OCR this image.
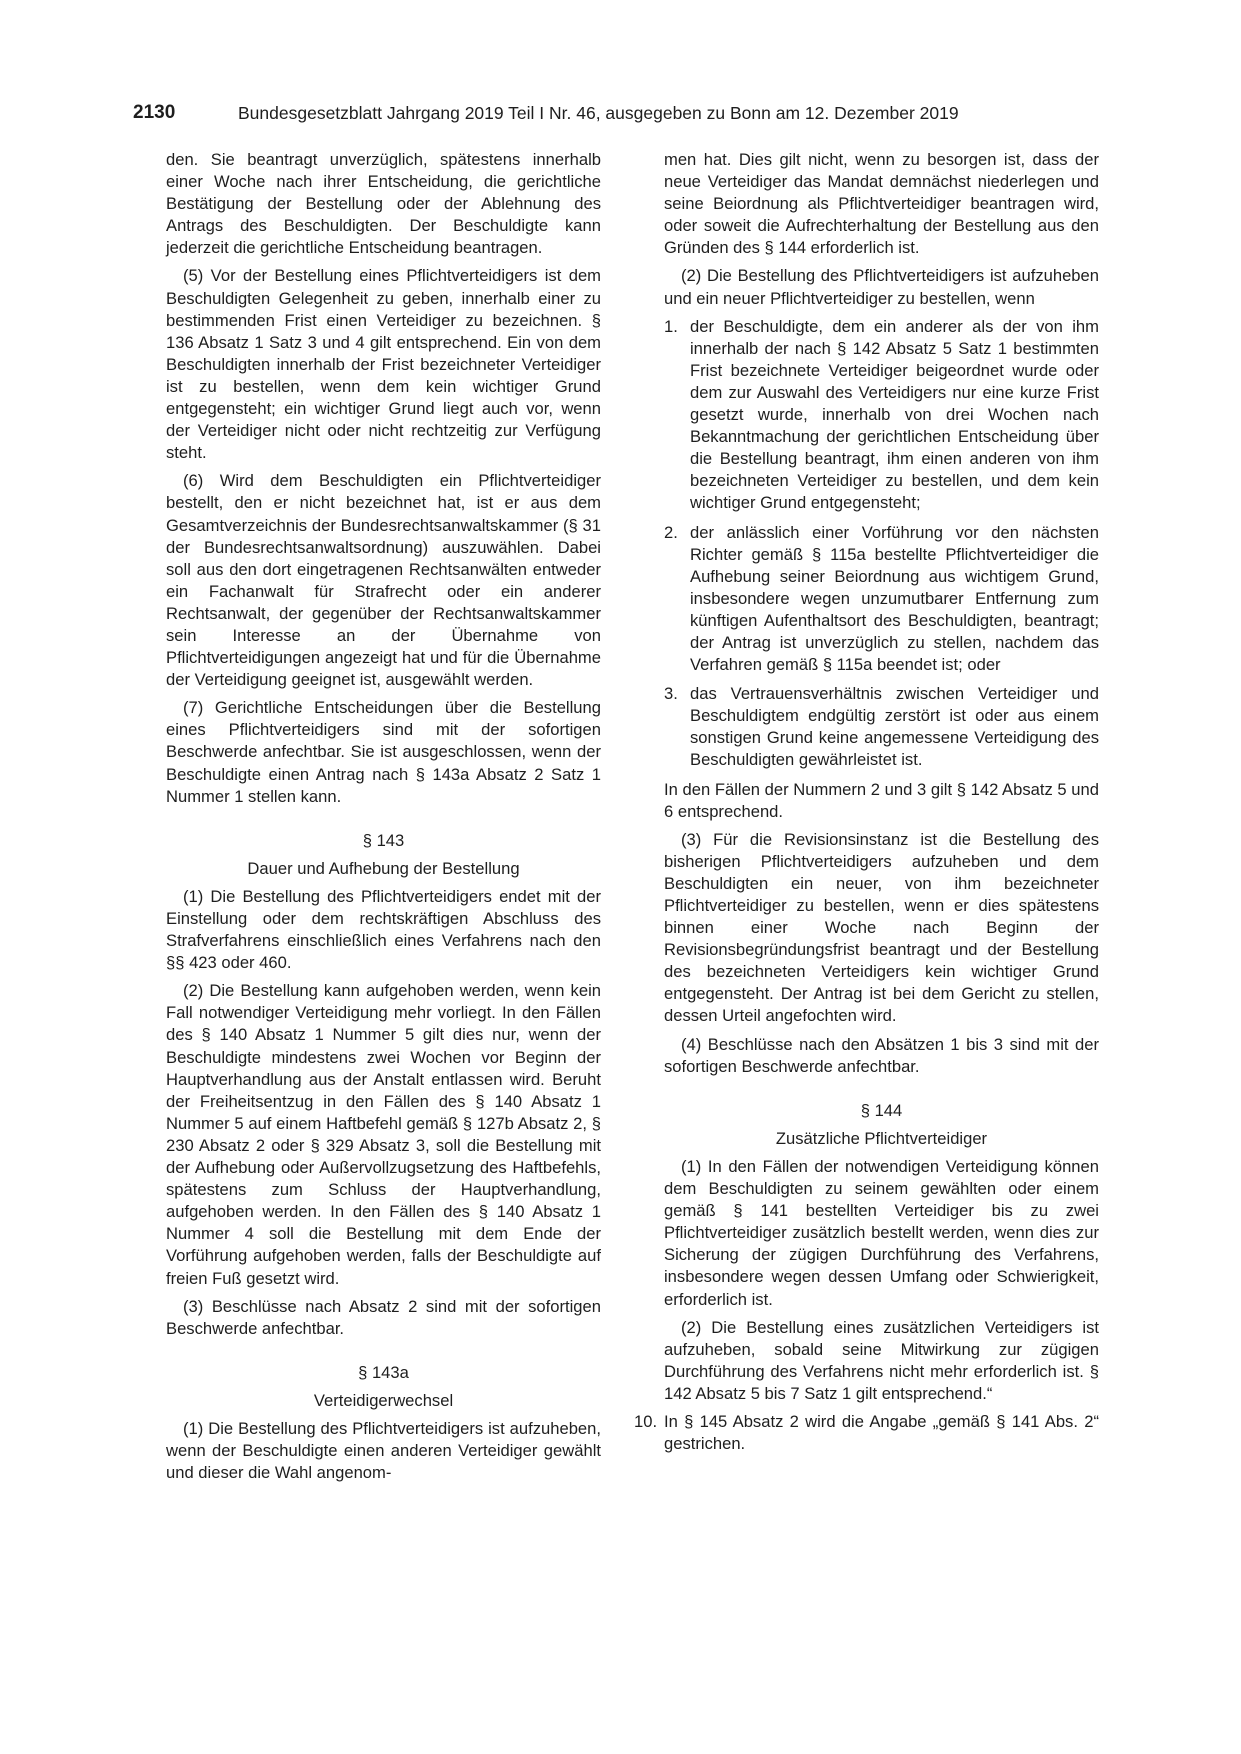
2130	Bundesgesetzblatt Jahrgang 2019 Teil I Nr. 46, ausgegeben zu Bonn am 12. Dezember 2019

den. Sie beantragt unverzüglich, spätestens innerhalb einer Woche nach ihrer Entscheidung, die gerichtliche Bestätigung der Bestellung oder der Ablehnung des Antrags des Beschuldigten. Der Beschuldigte kann jederzeit die gerichtliche Entscheidung beantragen.

(5) Vor der Bestellung eines Pflichtverteidigers ist dem Beschuldigten Gelegenheit zu geben, innerhalb einer zu bestimmenden Frist einen Verteidiger zu bezeichnen. § 136 Absatz 1 Satz 3 und 4 gilt entsprechend. Ein von dem Beschuldigten innerhalb der Frist bezeichneter Verteidiger ist zu bestellen, wenn dem kein wichtiger Grund entgegensteht; ein wichtiger Grund liegt auch vor, wenn der Verteidiger nicht oder nicht rechtzeitig zur Verfügung steht.

(6) Wird dem Beschuldigten ein Pflichtverteidiger bestellt, den er nicht bezeichnet hat, ist er aus dem Gesamtverzeichnis der Bundesrechtsanwaltskammer (§ 31 der Bundesrechtsanwaltsordnung) auszuwählen. Dabei soll aus den dort eingetragenen Rechtsanwälten entweder ein Fachanwalt für Strafrecht oder ein anderer Rechtsanwalt, der gegenüber der Rechtsanwaltskammer sein Interesse an der Übernahme von Pflichtverteidigungen angezeigt hat und für die Übernahme der Verteidigung geeignet ist, ausgewählt werden.

(7) Gerichtliche Entscheidungen über die Bestellung eines Pflichtverteidigers sind mit der sofortigen Beschwerde anfechtbar. Sie ist ausgeschlossen, wenn der Beschuldigte einen Antrag nach § 143a Absatz 2 Satz 1 Nummer 1 stellen kann.

§ 143
Dauer und Aufhebung der Bestellung

(1) Die Bestellung des Pflichtverteidigers endet mit der Einstellung oder dem rechtskräftigen Abschluss des Strafverfahrens einschließlich eines Verfahrens nach den §§ 423 oder 460.

(2) Die Bestellung kann aufgehoben werden, wenn kein Fall notwendiger Verteidigung mehr vorliegt. In den Fällen des § 140 Absatz 1 Nummer 5 gilt dies nur, wenn der Beschuldigte mindestens zwei Wochen vor Beginn der Hauptverhandlung aus der Anstalt entlassen wird. Beruht der Freiheitsentzug in den Fällen des § 140 Absatz 1 Nummer 5 auf einem Haftbefehl gemäß § 127b Absatz 2, § 230 Absatz 2 oder § 329 Absatz 3, soll die Bestellung mit der Aufhebung oder Außervollzugsetzung des Haftbefehls, spätestens zum Schluss der Hauptverhandlung, aufgehoben werden. In den Fällen des § 140 Absatz 1 Nummer 4 soll die Bestellung mit dem Ende der Vorführung aufgehoben werden, falls der Beschuldigte auf freien Fuß gesetzt wird.

(3) Beschlüsse nach Absatz 2 sind mit der sofortigen Beschwerde anfechtbar.

§ 143a
Verteidigerwechsel

(1) Die Bestellung des Pflichtverteidigers ist aufzuheben, wenn der Beschuldigte einen anderen Verteidiger gewählt und dieser die Wahl angenom-

men hat. Dies gilt nicht, wenn zu besorgen ist, dass der neue Verteidiger das Mandat demnächst niederlegen und seine Beiordnung als Pflichtverteidiger beantragen wird, oder soweit die Aufrechterhaltung der Bestellung aus den Gründen des § 144 erforderlich ist.

(2) Die Bestellung des Pflichtverteidigers ist aufzuheben und ein neuer Pflichtverteidiger zu bestellen, wenn

1. der Beschuldigte, dem ein anderer als der von ihm innerhalb der nach § 142 Absatz 5 Satz 1 bestimmten Frist bezeichnete Verteidiger beigeordnet wurde oder dem zur Auswahl des Verteidigers nur eine kurze Frist gesetzt wurde, innerhalb von drei Wochen nach Bekanntmachung der gerichtlichen Entscheidung über die Bestellung beantragt, ihm einen anderen von ihm bezeichneten Verteidiger zu bestellen, und dem kein wichtiger Grund entgegensteht;
2. der anlässlich einer Vorführung vor den nächsten Richter gemäß § 115a bestellte Pflichtverteidiger die Aufhebung seiner Beiordnung aus wichtigem Grund, insbesondere wegen unzumutbarer Entfernung zum künftigen Aufenthaltsort des Beschuldigten, beantragt; der Antrag ist unverzüglich zu stellen, nachdem das Verfahren gemäß § 115a beendet ist; oder
3. das Vertrauensverhältnis zwischen Verteidiger und Beschuldigtem endgültig zerstört ist oder aus einem sonstigen Grund keine angemessene Verteidigung des Beschuldigten gewährleistet ist.

In den Fällen der Nummern 2 und 3 gilt § 142 Absatz 5 und 6 entsprechend.

(3) Für die Revisionsinstanz ist die Bestellung des bisherigen Pflichtverteidigers aufzuheben und dem Beschuldigten ein neuer, von ihm bezeichneter Pflichtverteidiger zu bestellen, wenn er dies spätestens binnen einer Woche nach Beginn der Revisionsbegründungsfrist beantragt und der Bestellung des bezeichneten Verteidigers kein wichtiger Grund entgegensteht. Der Antrag ist bei dem Gericht zu stellen, dessen Urteil angefochten wird.

(4) Beschlüsse nach den Absätzen 1 bis 3 sind mit der sofortigen Beschwerde anfechtbar.

§ 144
Zusätzliche Pflichtverteidiger

(1) In den Fällen der notwendigen Verteidigung können dem Beschuldigten zu seinem gewählten oder einem gemäß § 141 bestellten Verteidiger bis zu zwei Pflichtverteidiger zusätzlich bestellt werden, wenn dies zur Sicherung der zügigen Durchführung des Verfahrens, insbesondere wegen dessen Umfang oder Schwierigkeit, erforderlich ist.

(2) Die Bestellung eines zusätzlichen Verteidigers ist aufzuheben, sobald seine Mitwirkung zur zügigen Durchführung des Verfahrens nicht mehr erforderlich ist. § 142 Absatz 5 bis 7 Satz 1 gilt entsprechend.“

10. In § 145 Absatz 2 wird die Angabe „gemäß § 141 Abs. 2“ gestrichen.
